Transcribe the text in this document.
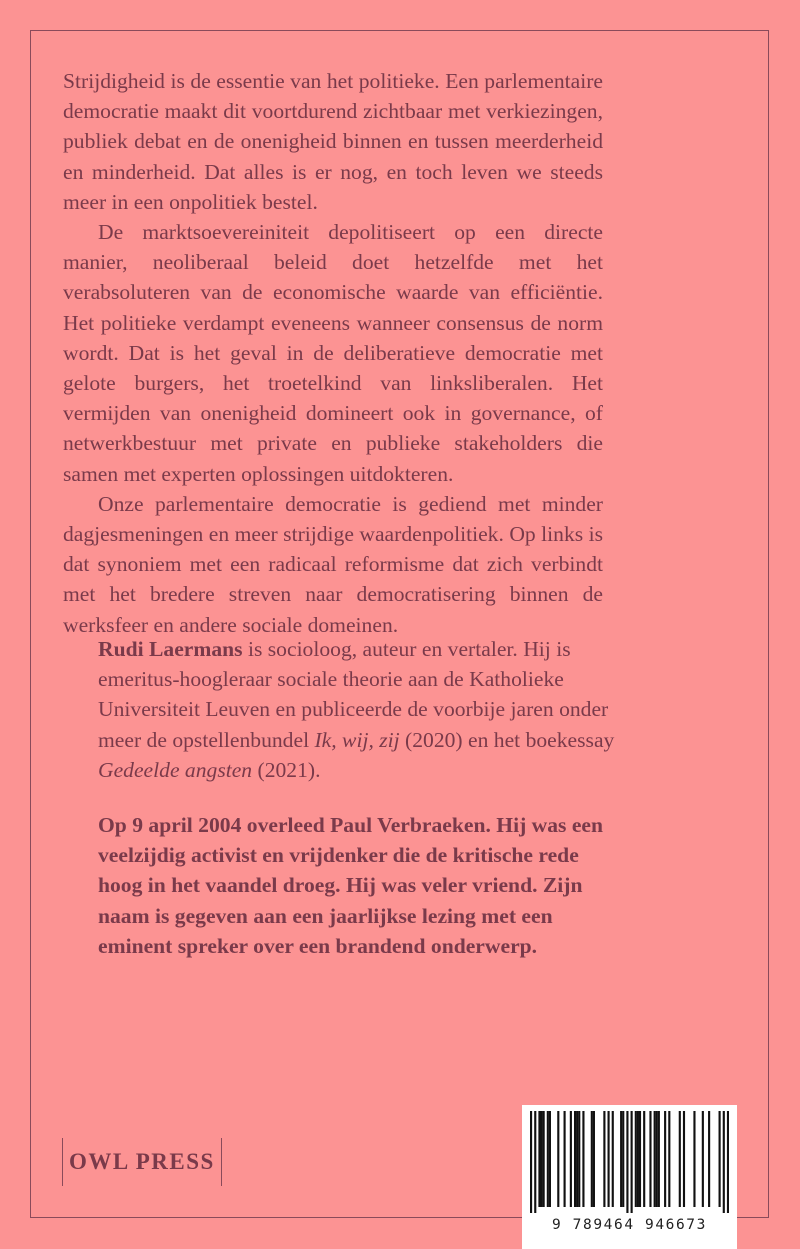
Strijdigheid is de essentie van het politieke. Een parlementaire democratie maakt dit voortdurend zichtbaar met verkiezingen, publiek debat en de onenigheid binnen en tussen meerderheid en minderheid. Dat alles is er nog, en toch leven we steeds meer in een onpolitiek bestel.

De marktsoevereiniteit depolitiseert op een directe manier, neoliberaal beleid doet hetzelfde met het verabsoluteren van de economische waarde van efficiëntie. Het politieke verdampt eveneens wanneer consensus de norm wordt. Dat is het geval in de deliberatieve democratie met gelote burgers, het troetelkind van linksliberalen. Het vermijden van onenigheid domineert ook in governance, of netwerkbestuur met private en publieke stakeholders die samen met experten oplossingen uitdokteren.

Onze parlementaire democratie is gediend met minder dagjesmeningen en meer strijdige waardenpolitiek. Op links is dat synoniem met een radicaal reformisme dat zich verbindt met het bredere streven naar democratisering binnen de werksfeer en andere sociale domeinen.

Rudi Laermans is socioloog, auteur en vertaler. Hij is emeritus-hoogleraar sociale theorie aan de Katholieke Universiteit Leuven en publiceerde de voorbije jaren onder meer de opstellenbundel Ik, wij, zij (2020) en het boekessay Gedeelde angsten (2021).

Op 9 april 2004 overleed Paul Verbraeken. Hij was een veelzijdig activist en vrijdenker die de kritische rede hoog in het vaandel droeg. Hij was veler vriend. Zijn naam is gegeven aan een jaarlijkse lezing met een eminent spreker over een brandend onderwerp.

OWL PRESS
9 789464 946673
